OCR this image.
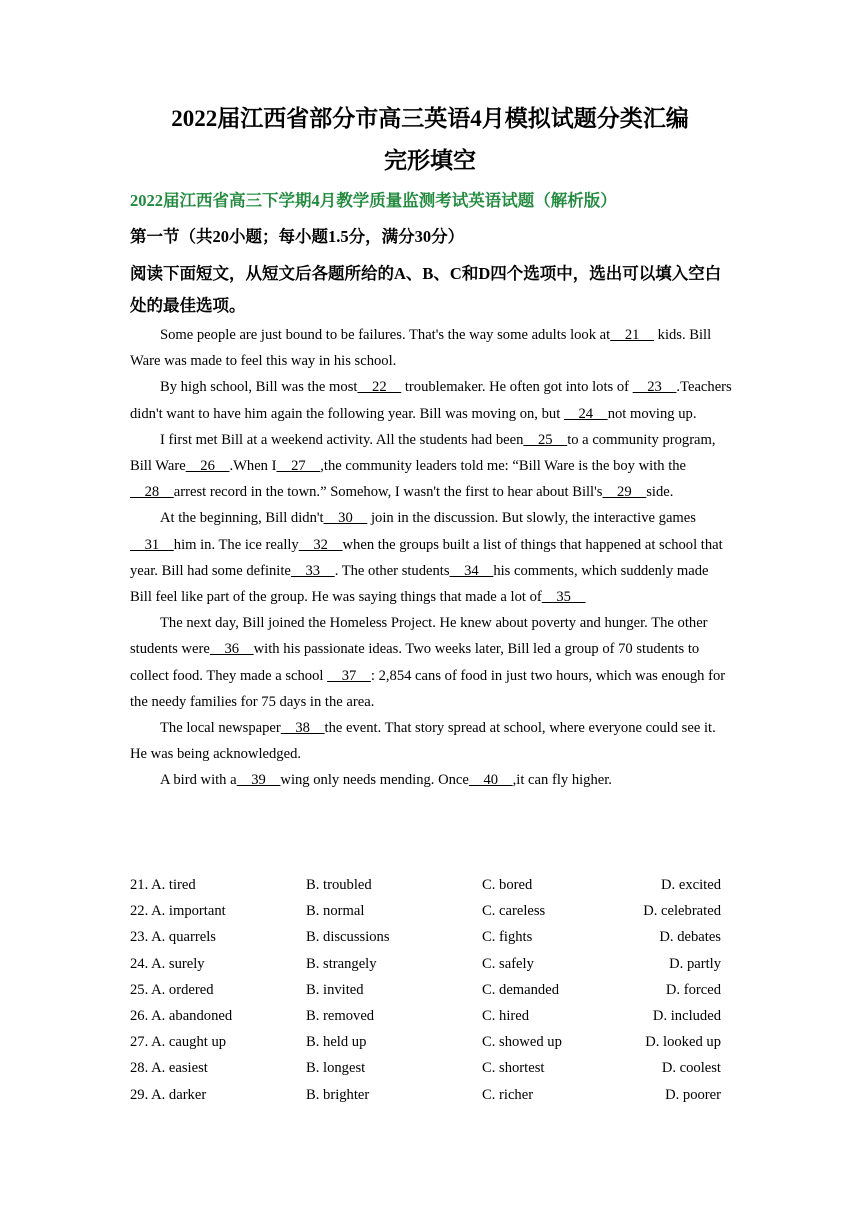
2022届江西省部分市高三英语4月模拟试题分类汇编
完形填空
2022届江西省高三下学期4月教学质量监测考试英语试题（解析版）
第一节（共20小题；每小题1.5分，满分30分）
阅读下面短文，从短文后各题所给的A、B、C和D四个选项中，选出可以填入空白处的最佳选项。

Some people are just bound to be failures. That's the way some adults look at    21     kids. Bill Ware was made to feel this way in his school.

By high school, Bill was the most    22     troublemaker. He often got into lots of     23    .Teachers didn't want to have him again the following year. Bill was moving on, but     24    not moving up.

I first met Bill at a weekend activity. All the students had been    25    to a community program, Bill Ware    26    .When I    27    ,the community leaders told me: “Bill Ware is the boy with the    28    arrest record in the town.” Somehow, I wasn't the first to hear about Bill's    29    side.

At the beginning, Bill didn't    30     join in the discussion. But slowly, the interactive games    31    him in. The ice really    32    when the groups built a list of things that happened at school that year. Bill had some definite    33    . The other students    34    his comments, which suddenly made Bill feel like part of the group. He was saying things that made a lot of    35

The next day, Bill joined the Homeless Project. He knew about poverty and hunger. The other students were    36    with his passionate ideas. Two weeks later, Bill led a group of 70 students to collect food. They made a school     37    : 2,854 cans of food in just two hours, which was enough for the needy families for 75 days in the area.

The local newspaper    38    the event. That story spread at school, where everyone could see it. He was being acknowledged.

A bird with a    39    wing only needs mending. Once    40    ,it can fly higher.

21. A. tired	B. troubled	C. bored	D. excited
22. A. important	B. normal	C. careless	D. celebrated
23. A. quarrels	B. discussions	C. fights	D. debates
24. A. surely	B. strangely	C. safely	D. partly
25. A. ordered	B. invited	C. demanded	D. forced
26. A. abandoned	B. removed	C. hired	D. included
27. A. caught up	B. held up	C. showed up	D. looked up
28. A. easiest	B. longest	C. shortest	D. coolest
29. A. darker	B. brighter	C. richer	D. poorer
